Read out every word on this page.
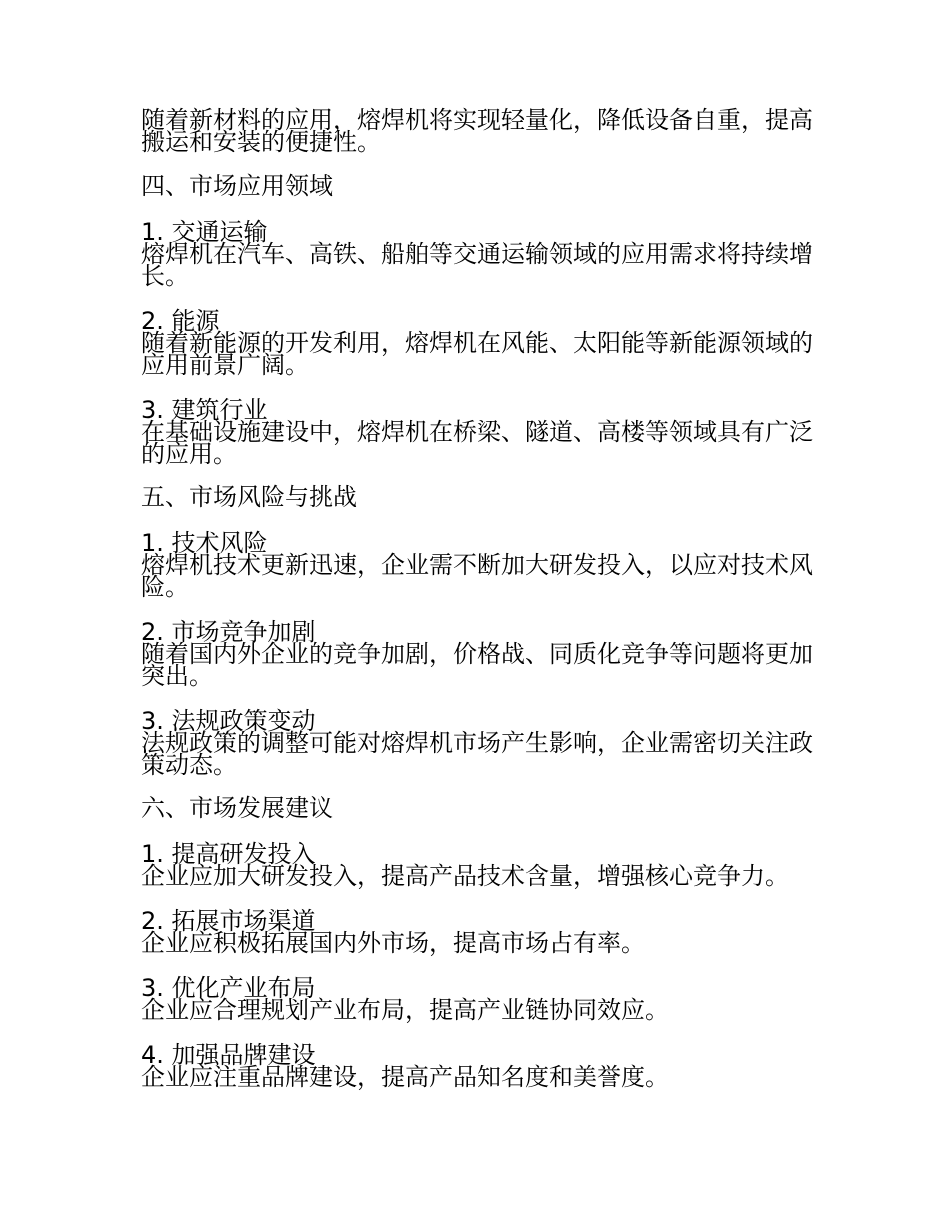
随着新材料的应用，熔焊机将实现轻量化，降低设备自重，提高搬运和安装的便捷性。

四、市场应用领域

1. 交通运输

熔焊机在汽车、高铁、船舶等交通运输领域的应用需求将持续增长。

2. 能源

随着新能源的开发利用，熔焊机在风能、太阳能等新能源领域的应用前景广阔。

3. 建筑行业

在基础设施建设中，熔焊机在桥梁、隧道、高楼等领域具有广泛的应用。

五、市场风险与挑战

1. 技术风险

熔焊机技术更新迅速，企业需不断加大研发投入，以应对技术风险。

2. 市场竞争加剧

随着国内外企业的竞争加剧，价格战、同质化竞争等问题将更加突出。

3. 法规政策变动

法规政策的调整可能对熔焊机市场产生影响，企业需密切关注政策动态。

六、市场发展建议

1. 提高研发投入

企业应加大研发投入，提高产品技术含量，增强核心竞争力。

2. 拓展市场渠道

企业应积极拓展国内外市场，提高市场占有率。

3. 优化产业布局

企业应合理规划产业布局，提高产业链协同效应。

4. 加强品牌建设

企业应注重品牌建设，提高产品知名度和美誉度。
